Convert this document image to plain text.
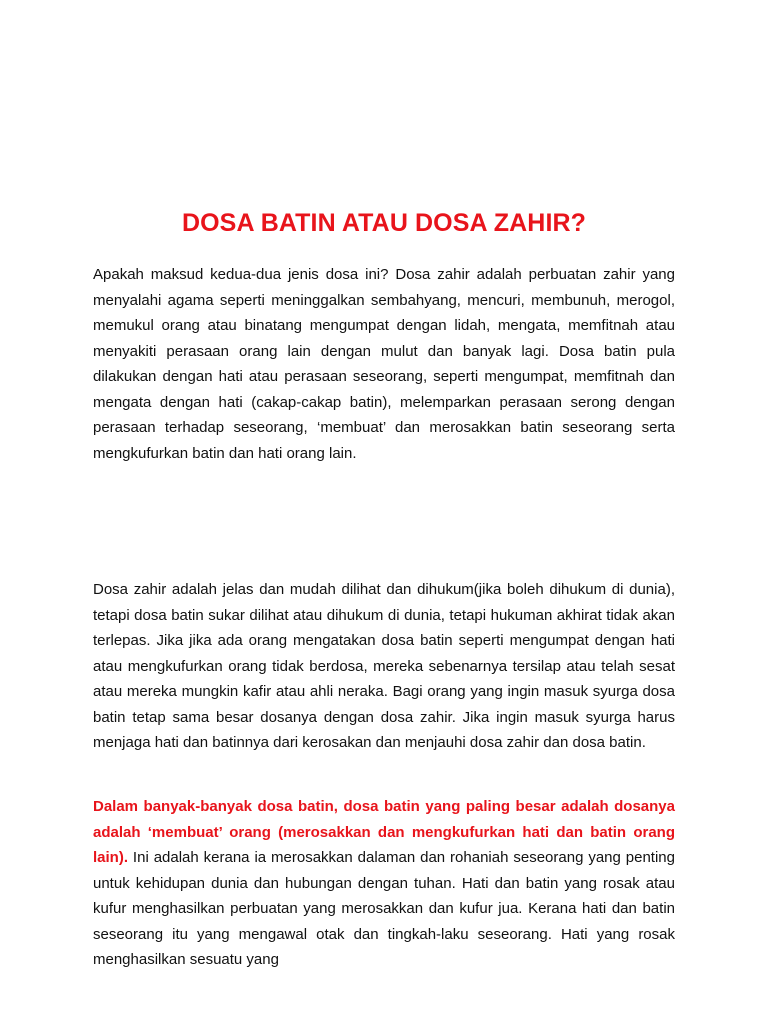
DOSA BATIN ATAU DOSA ZAHIR?

Apakah maksud kedua-dua jenis dosa ini? Dosa zahir adalah perbuatan zahir yang menyalahi agama seperti meninggalkan sembahyang, mencuri, membunuh, merogol, memukul orang atau binatang mengumpat dengan lidah, mengata, memfitnah atau menyakiti perasaan orang lain dengan mulut dan banyak lagi. Dosa batin pula dilakukan dengan hati atau perasaan seseorang, seperti mengumpat, memfitnah dan mengata dengan hati (cakap-cakap batin), melemparkan perasaan serong dengan perasaan terhadap seseorang, ‘membuat’ dan merosakkan batin seseorang serta mengkufurkan batin dan hati orang lain.

Dosa zahir adalah jelas dan mudah dilihat dan dihukum(jika boleh dihukum di dunia), tetapi dosa batin sukar dilihat atau dihukum di dunia, tetapi hukuman akhirat tidak akan terlepas. Jika jika ada orang mengatakan dosa batin seperti mengumpat dengan hati atau mengkufurkan orang tidak berdosa, mereka sebenarnya tersilap atau telah sesat atau mereka mungkin kafir atau ahli neraka. Bagi orang yang ingin masuk syurga dosa batin tetap sama besar dosanya dengan dosa zahir. Jika ingin masuk syurga harus menjaga hati dan batinnya dari kerosakan dan menjauhi dosa zahir dan dosa batin.

Dalam banyak-banyak dosa batin, dosa batin yang paling besar adalah dosanya adalah ‘membuat’ orang (merosakkan dan mengkufurkan hati dan batin orang lain). Ini adalah kerana ia merosakkan dalaman dan rohaniah seseorang yang penting untuk kehidupan dunia dan hubungan dengan tuhan. Hati dan batin yang rosak atau kufur menghasilkan perbuatan yang merosakkan dan kufur jua. Kerana hati dan batin seseorang itu yang mengawal otak dan tingkah-laku seseorang. Hati yang rosak menghasilkan sesuatu yang
